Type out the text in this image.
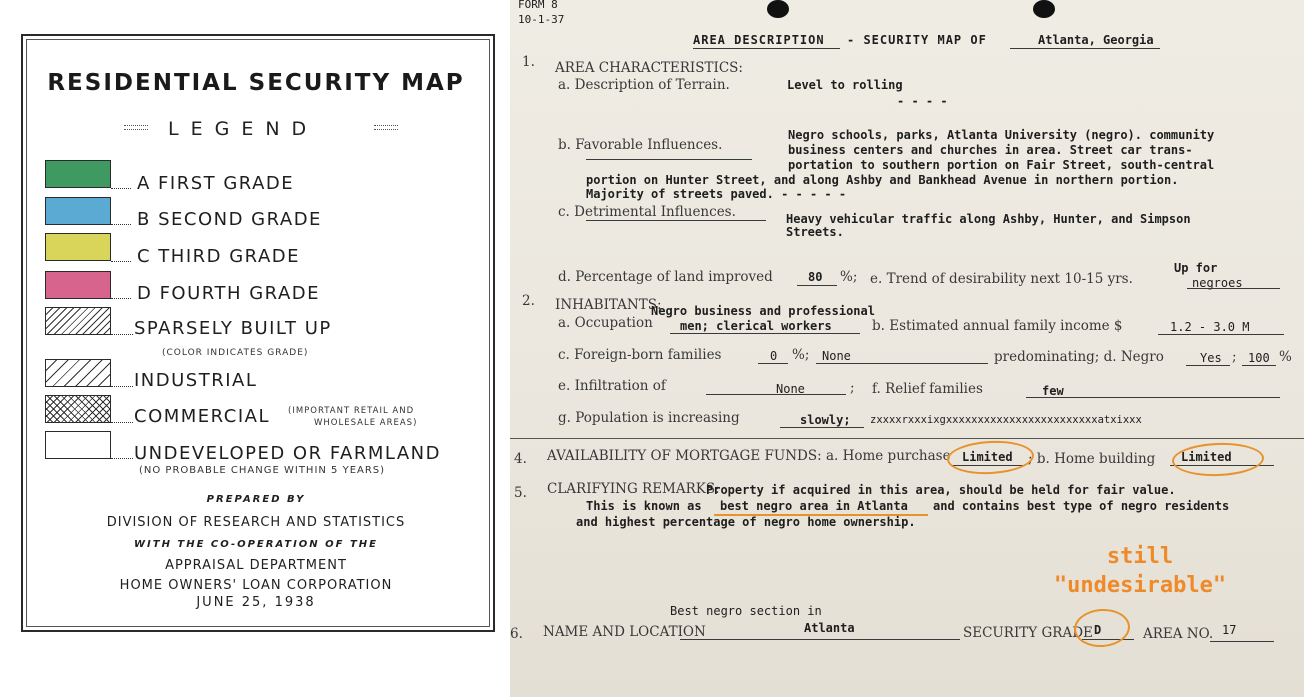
RESIDENTIAL SECURITY MAP
LEGEND
A FIRST GRADE
B SECOND GRADE
C THIRD GRADE
D FOURTH GRADE
SPARSELY BUILT UP
(COLOR INDICATES GRADE)
INDUSTRIAL
COMMERCIAL (IMPORTANT RETAIL AND
WHOLESALE AREAS)
UNDEVELOPED OR FARMLAND
(NO PROBABLE CHANGE WITHIN 5 YEARS)
PREPARED BY
DIVISION OF RESEARCH AND STATISTICS
WITH THE CO-OPERATION OF THE
APPRAISAL DEPARTMENT
HOME OWNERS' LOAN CORPORATION
JUNE 25, 1938
FORM 8
10-1-37
AREA DESCRIPTION - SECURITY MAP OF	Atlanta, Georgia
1. AREA CHARACTERISTICS:
a. Description of Terrain.	Level to rolling
- - - -
b. Favorable Influences.
Negro schools, parks, Atlanta University (negro). community
business centers and churches in area. Street car trans-
portation to southern portion on Fair Street, south-central
portion on Hunter Street, and along Ashby and Bankhead Avenue in northern portion.
Majority of streets paved. - - - - -
c. Detrimental Influences.	Heavy vehicular traffic along Ashby, Hunter, and Simpson
Streets.
d. Percentage of land improved	80 %; e. Trend of desirability next 10-15 yrs.
Up for
negroes
2. INHABITANTS:
Negro business and professional
a. Occupation men; clerical workers	b. Estimated annual family income $	1.2 - 3.0 M
c. Foreign-born families	0 %; None	predominating; d. Negro	Yes ; 100 %
e. Infiltration of	None	; f. Relief families	few
g. Population is increasing	slowly; zxxxxrxxxixgxxxxxxxxxxxxxxxxxxxxxxxxatxixxx
4. AVAILABILITY OF MORTGAGE FUNDS: a. Home purchase Limited ; b. Home building Limited
5. CLARIFYING REMARKS:
Property if acquired in this area, should be held for fair value.
This is known as best negro area in Atlanta and contains best type of negro residents
and highest percentage of negro home ownership.
still
"undesirable"
Best negro section in
Atlanta
6. NAME AND LOCATION	SECURITY GRADE D	AREA NO. 17
